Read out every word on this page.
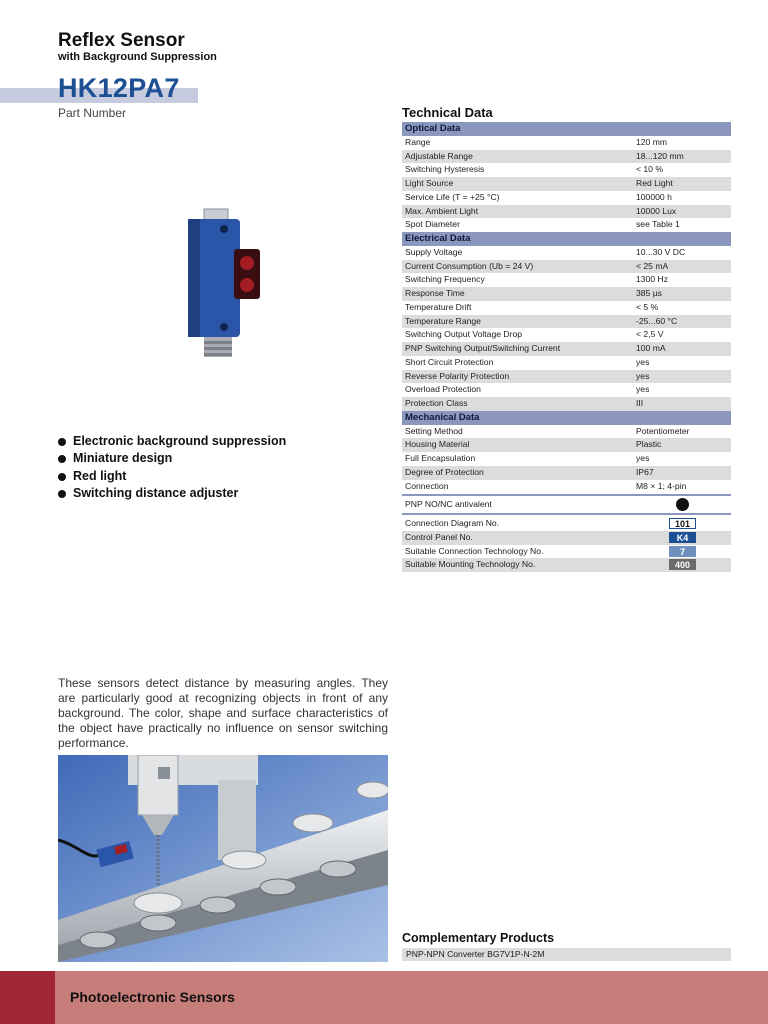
Reflex Sensor
with Background Suppression
HK12PA7
Part Number
Electronic background suppression
Miniature design
Red light
Switching distance adjuster
Technical Data
Optical Data
Range	120 mm
Adjustable Range	18...120 mm
Switching Hysteresis	< 10 %
Light Source	Red Light
Service Life (T = +25 °C)	100000 h
Max. Ambient Light	10000 Lux
Spot Diameter	see Table 1
Electrical Data
Supply Voltage	10...30 V DC
Current Consumption (Ub = 24 V)	< 25 mA
Switching Frequency	1300 Hz
Response Time	385 µs
Temperature Drift	< 5 %
Temperature Range	-25...60 °C
Switching Output Voltage Drop	< 2,5 V
PNP Switching Output/Switching Current	100 mA
Short Circuit Protection	yes
Reverse Polarity Protection	yes
Overload Protection	yes
Protection Class	III
Mechanical Data
Setting Method	Potentiometer
Housing Material	Plastic
Full Encapsulation	yes
Degree of Protection	IP67
Connection	M8 × 1; 4-pin
PNP NO/NC antivalent
Connection Diagram No.	101
Control Panel No.	K4
Suitable Connection Technology No.	7
Suitable Mounting Technology No.	400
These sensors detect distance by measuring angles. They are particularly good at recognizing objects in front of any background. The color, shape and surface characteristics of the object have practically no influence on sensor switching performance.
Complementary Products
PNP-NPN Converter BG7V1P-N-2M
Photoelectronic Sensors
